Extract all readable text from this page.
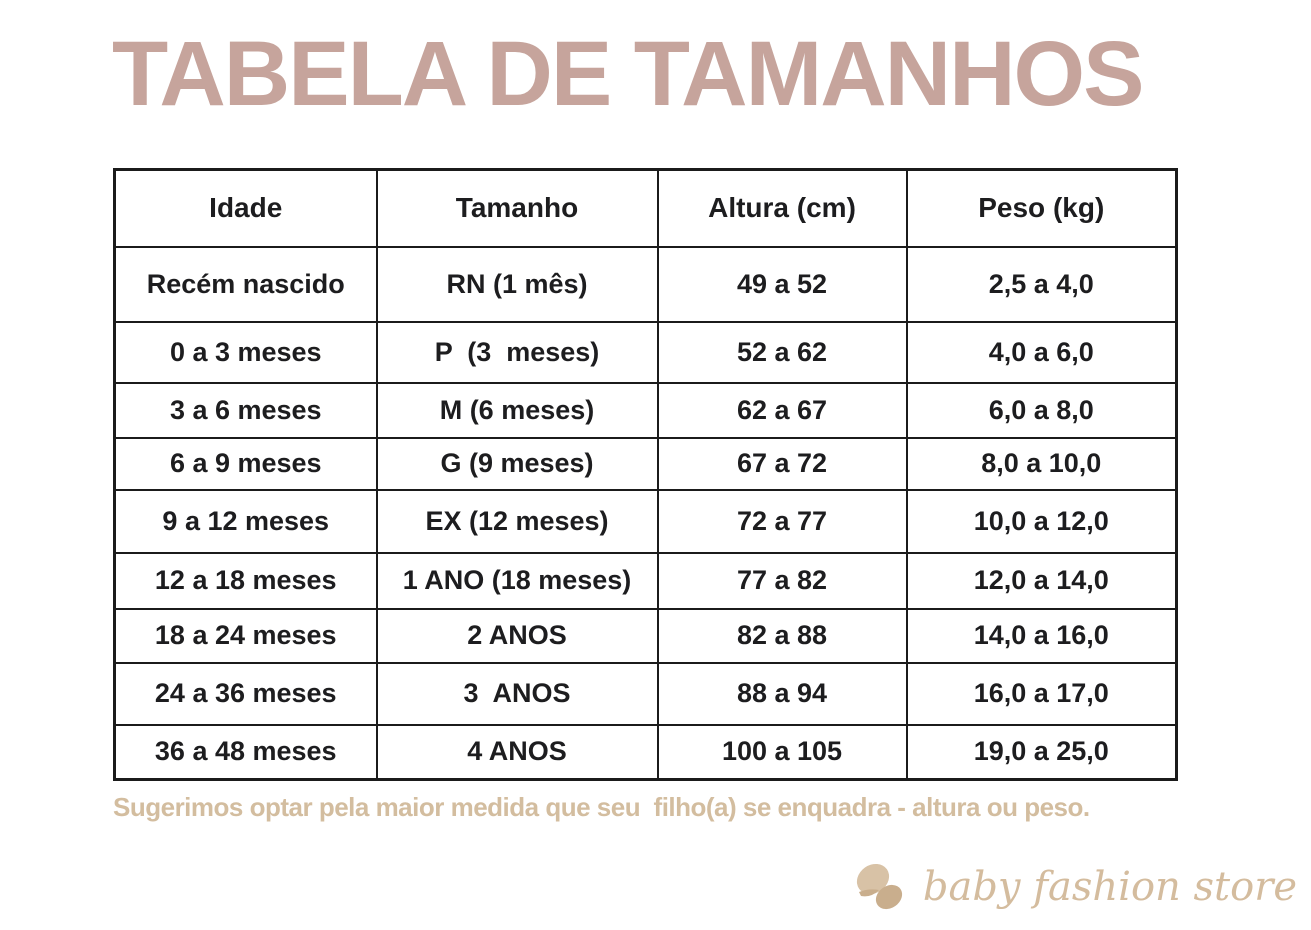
TABELA DE TAMANHOS
Idade	Tamanho	Altura (cm)	Peso (kg)
Recém nascido	RN (1 mês)	49 a 52	2,5 a 4,0
0 a 3 meses	P  (3  meses)	52 a 62	4,0 a 6,0
3 a 6 meses	M (6 meses)	62 a 67	6,0 a 8,0
6 a 9 meses	G (9 meses)	67 a 72	8,0 a 10,0
9 a 12 meses	EX (12 meses)	72 a 77	10,0 a 12,0
12 a 18 meses	1 ANO (18 meses)	77 a 82	12,0 a 14,0
18 a 24 meses	2 ANOS	82 a 88	14,0 a 16,0
24 a 36 meses	3  ANOS	88 a 94	16,0 a 17,0
36 a 48 meses	4 ANOS	100 a 105	19,0 a 25,0
Sugerimos optar pela maior medida que seu  filho(a) se enquadra - altura ou peso.
baby fashion store
